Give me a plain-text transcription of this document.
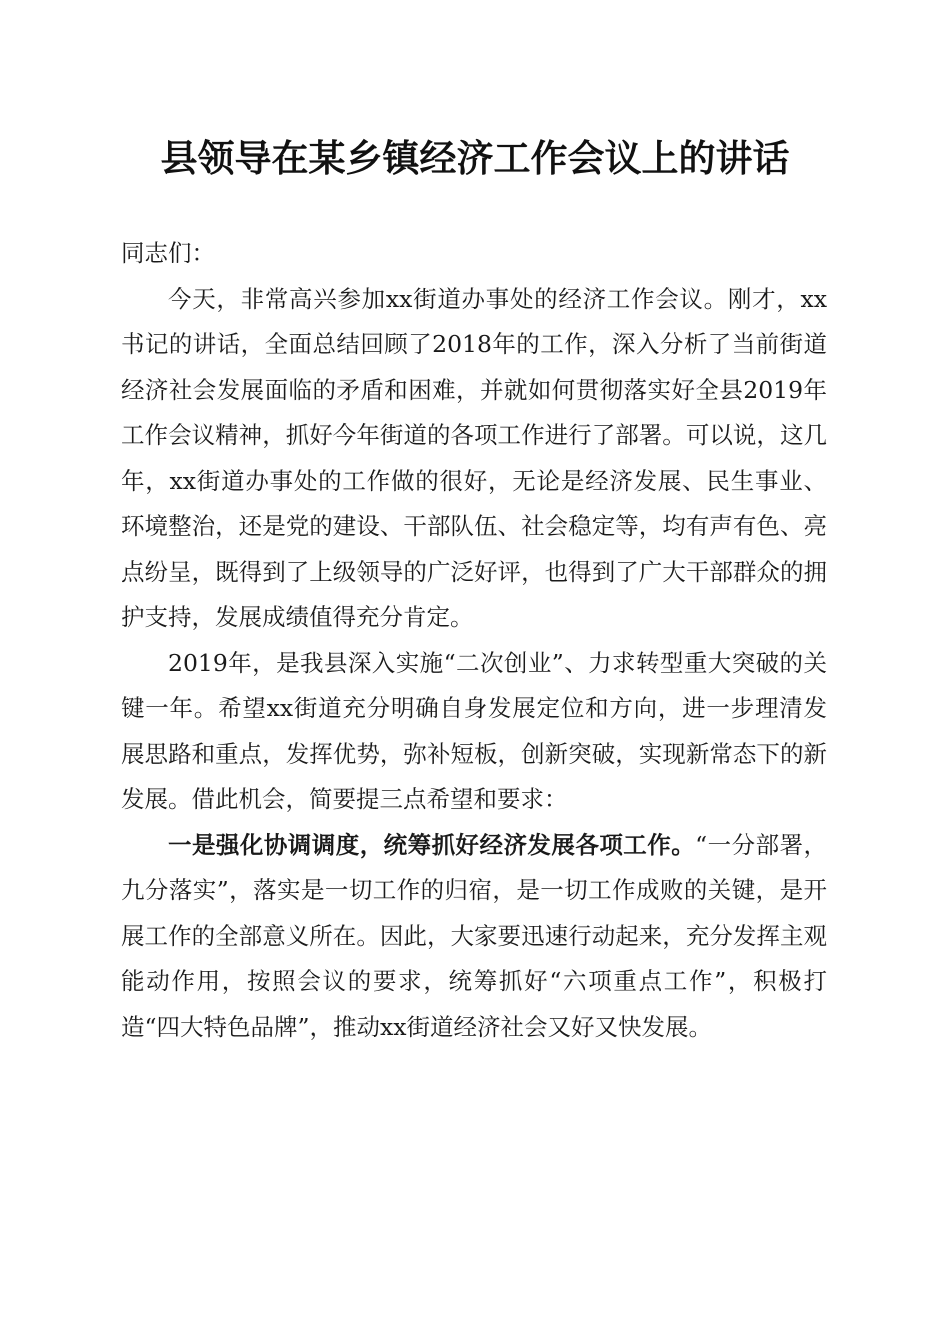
县领导在某乡镇经济工作会议上的讲话

同志们：

今天，非常高兴参加xx街道办事处的经济工作会议。刚才，xx书记的讲话，全面总结回顾了2018年的工作，深入分析了当前街道经济社会发展面临的矛盾和困难，并就如何贯彻落实好全县2019年工作会议精神，抓好今年街道的各项工作进行了部署。可以说，这几年，xx街道办事处的工作做的很好，无论是经济发展、民生事业、环境整治，还是党的建设、干部队伍、社会稳定等，均有声有色、亮点纷呈，既得到了上级领导的广泛好评，也得到了广大干部群众的拥护支持，发展成绩值得充分肯定。

2019年，是我县深入实施“二次创业”、力求转型重大突破的关键一年。希望xx街道充分明确自身发展定位和方向，进一步理清发展思路和重点，发挥优势，弥补短板，创新突破，实现新常态下的新发展。借此机会，简要提三点希望和要求：

一是强化协调调度，统筹抓好经济发展各项工作。“一分部署，九分落实”，落实是一切工作的归宿，是一切工作成败的关键，是开展工作的全部意义所在。因此，大家要迅速行动起来，充分发挥主观能动作用，按照会议的要求，统筹抓好“六项重点工作”，积极打造“四大特色品牌”，推动xx街道经济社会又好又快发展。
